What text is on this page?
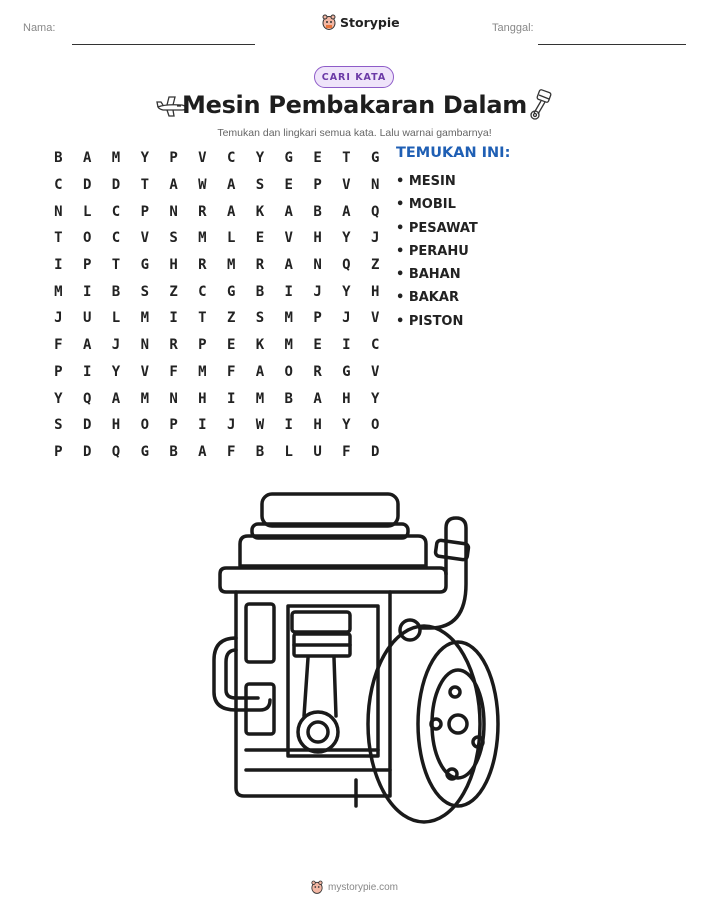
Nama:	Storypie	Tanggal:
CARI KATA
Mesin Pembakaran Dalam
Temukan dan lingkari semua kata. Lalu warnai gambarnya!
B	A	M	Y	P	V	C	Y	G	E	T	G
C	D	D	T	A	W	A	S	E	P	V	N
N	L	C	P	N	R	A	K	A	B	A	Q
T	O	C	V	S	M	L	E	V	H	Y	J
I	P	T	G	H	R	M	R	A	N	Q	Z
M	I	B	S	Z	C	G	B	I	J	Y	H
J	U	L	M	I	T	Z	S	M	P	J	V
F	A	J	N	R	P	E	K	M	E	I	C
P	I	Y	V	F	M	F	A	O	R	G	V
Y	Q	A	M	N	H	I	M	B	A	H	Y
S	D	H	O	P	I	J	W	I	H	Y	O
P	D	Q	G	B	A	F	B	L	U	F	D
TEMUKAN INI:
• MESIN
• MOBIL
• PESAWAT
• PERAHU
• BAHAN
• BAKAR
• PISTON
mystorypie.com
